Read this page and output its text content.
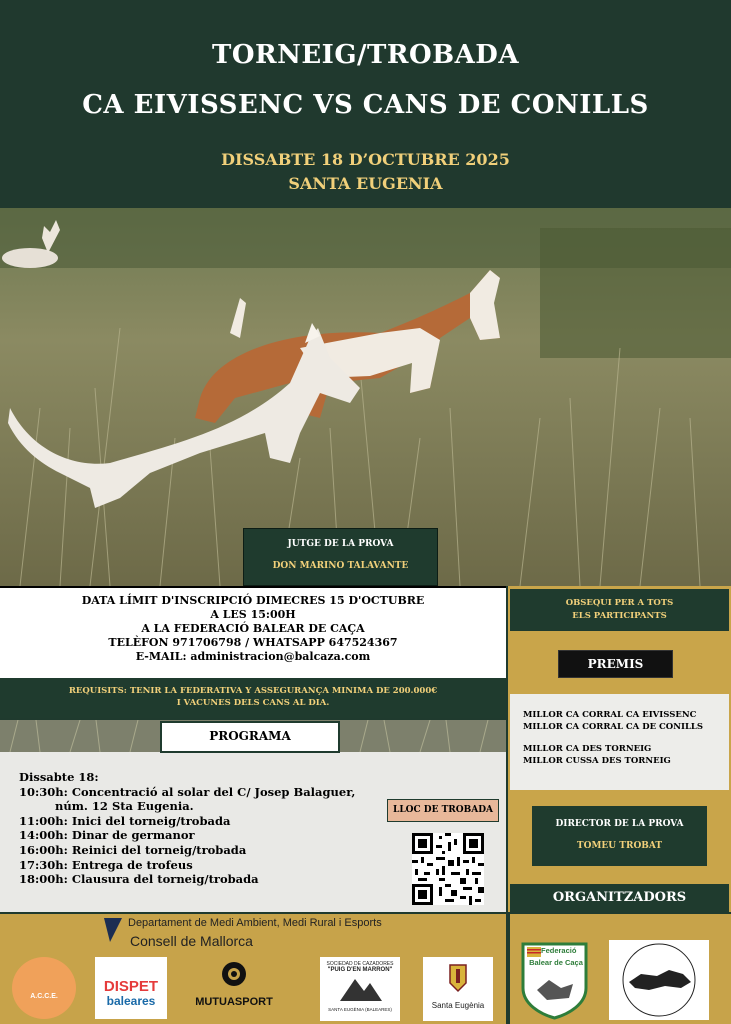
TORNEIG/TROBADA
CA EIVISSENC VS CANS DE CONILLS
DISSABTE 18 D’OCTUBRE 2025
SANTA EUGENIA
JUTGE DE LA PROVA
DON MARINO TALAVANTE
DATA LÍMIT D'INSCRIPCIÓ DIMECRES 15 D'OCTUBRE
A LES 15:00H
A LA FEDERACIÓ BALEAR DE CAÇA
TELÈFON 971706798 / WHATSAPP 647524367
E-MAIL: administracion@balcaza.com
REQUISITS: TENIR LA FEDERATIVA Y ASSEGURANÇA MINIMA DE 200.000€
I VACUNES DELS CANS AL DIA.
PROGRAMA
Dissabte 18:
10:30h: Concentració al solar del C/ Josep Balaguer,
núm. 12 Sta Eugenia.
11:00h: Inici del torneig/trobada
14:00h: Dinar de germanor
16:00h: Reinici del torneig/trobada
17:30h: Entrega de trofeus
18:00h: Clausura del torneig/trobada
LLOC DE TROBADA
OBSEQUI PER A TOTS
ELS PARTICIPANTS
PREMIS
MILLOR CA CORRAL CA EIVISSENC
MILLOR CA CORRAL CA DE CONILLS
MILLOR CA DES TORNEIG
MILLOR CUSSA DES TORNEIG
DIRECTOR DE LA PROVA
TOMEU TROBAT
ORGANITZADORS
Departament de Medi Ambient, Medi Rural i Esports
Consell de Mallorca
A.C.C.E.
DISPET
baleares	MUTUASPORT
SOCIEDAD DE CAZADORES
"PUIG D'EN MARRON"
SANTA EUGÈNIA (BALEARES)	Santa Eugènia
Federació
Balear de Caça
